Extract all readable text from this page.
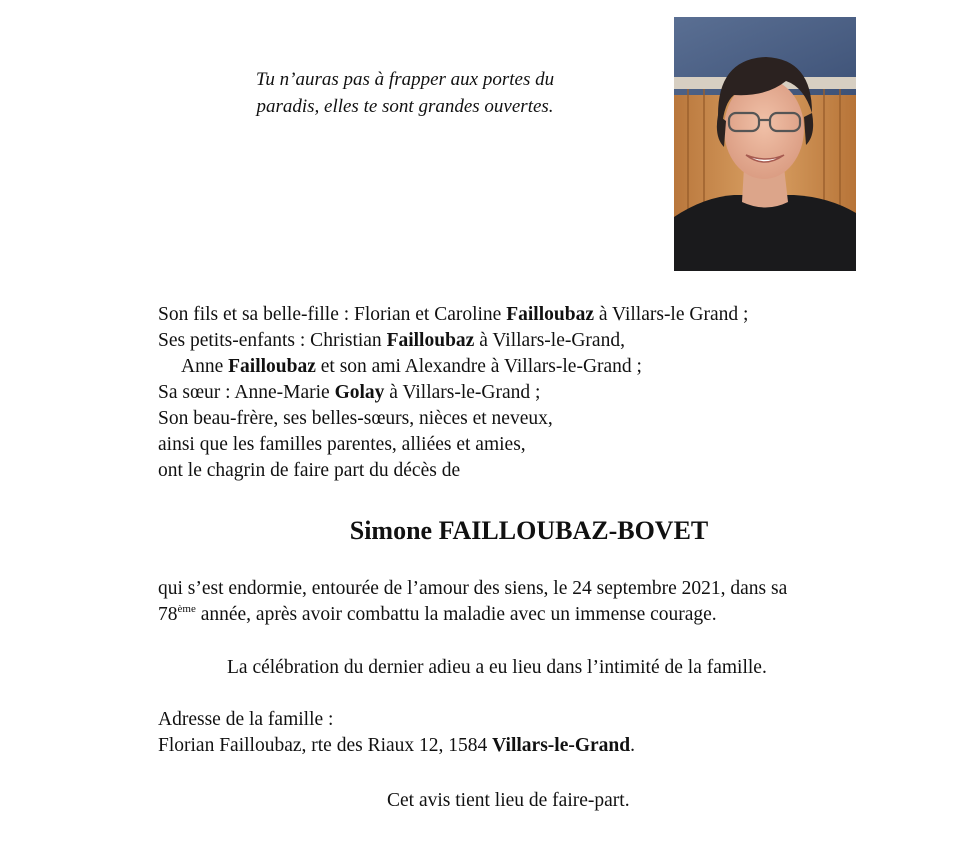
Tu n’auras pas à frapper aux portes du
paradis, elles te sont grandes ouvertes.
Son fils et sa belle-fille : Florian et Caroline Failloubaz à Villars-le Grand ;
Ses petits-enfants : Christian Failloubaz à Villars-le-Grand,
Anne Failloubaz et son ami Alexandre à Villars-le-Grand ;
Sa sœur : Anne-Marie Golay à Villars-le-Grand ;
Son beau-frère, ses belles-sœurs, nièces et neveux,
ainsi que les familles parentes, alliées et amies,
ont le chagrin de faire part du décès de
Simone FAILLOUBAZ-BOVET
qui s’est endormie, entourée de l’amour des siens, le 24 septembre 2021, dans sa
78ème année, après avoir combattu la maladie avec un immense courage.
La célébration du dernier adieu a eu lieu dans l’intimité de la famille.
Adresse de la famille :
Florian Failloubaz, rte des Riaux 12, 1584 Villars-le-Grand.
Cet avis tient lieu de faire-part.
